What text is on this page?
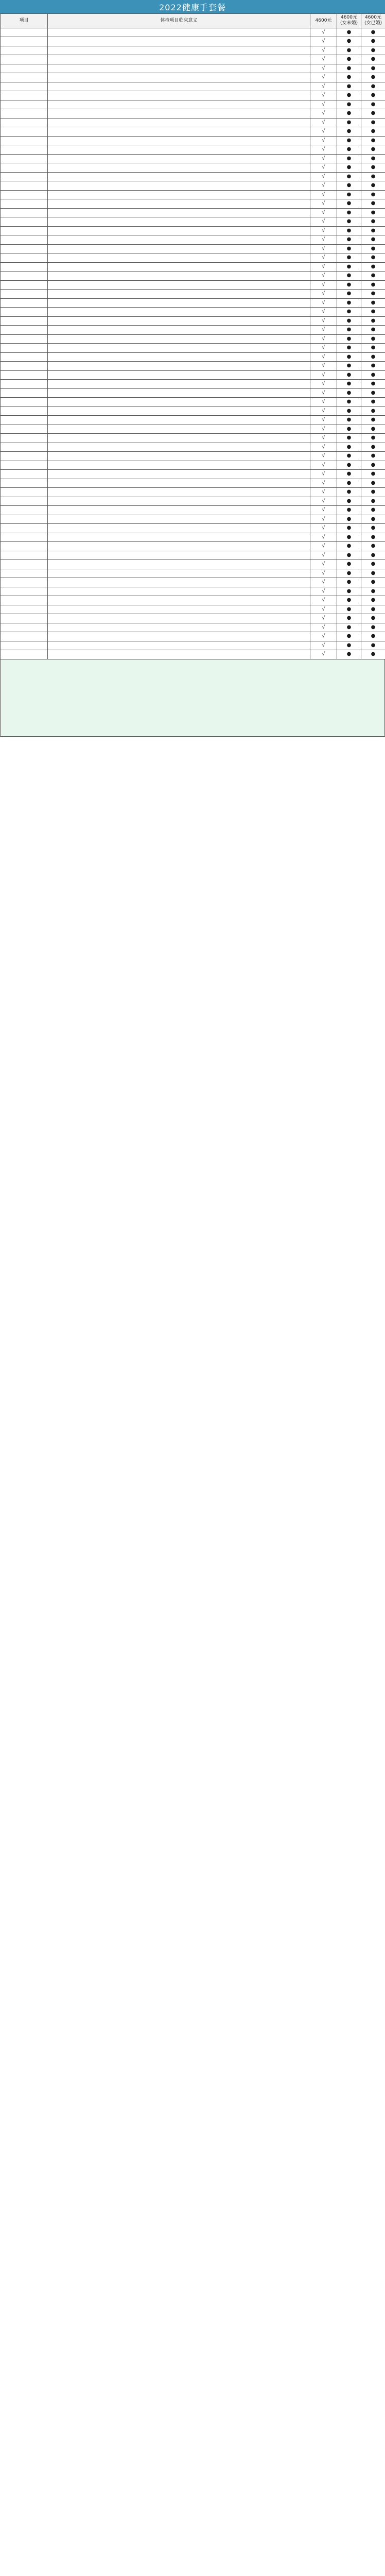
2022健康手套餐
项目	体检项目临床意义	4600元	4600元(女未婚)	4600元(女已婚)
		√	●	●
		√	●	●
		√	●	●
		√	●	●
		√	●	●
		√	●	●
		√	●	●
		√	●	●
		√	●	●
		√	●	●
		√	●	●
		√	●	●
		√	●	●
		√	●	●
		√	●	●
		√	●	●
		√	●	●
		√	●	●
		√	●	●
		√	●	●
		√	●	●
		√	●	●
		√	●	●
		√	●	●
		√	●	●
		√	●	●
		√	●	●
		√	●	●
		√	●	●
		√	●	●
		√	●	●
		√	●	●
		√	●	●
		√	●	●
		√	●	●
		√	●	●
		√	●	●
		√	●	●
		√	●	●
		√	●	●
		√	●	●
		√	●	●
		√	●	●
		√	●	●
		√	●	●
		√	●	●
		√	●	●
		√	●	●
		√	●	●
		√	●	●
		√	●	●
		√	●	●
		√	●	●
		√	●	●
		√	●	●
		√	●	●
		√	●	●
		√	●	●
		√	●	●
		√	●	●
		√	●	●
		√	●	●
		√	●	●
		√	●	●
		√	●	●
		√	●	●
		√	●	●
		√	●	●
		√	●	●
		√	●	●
